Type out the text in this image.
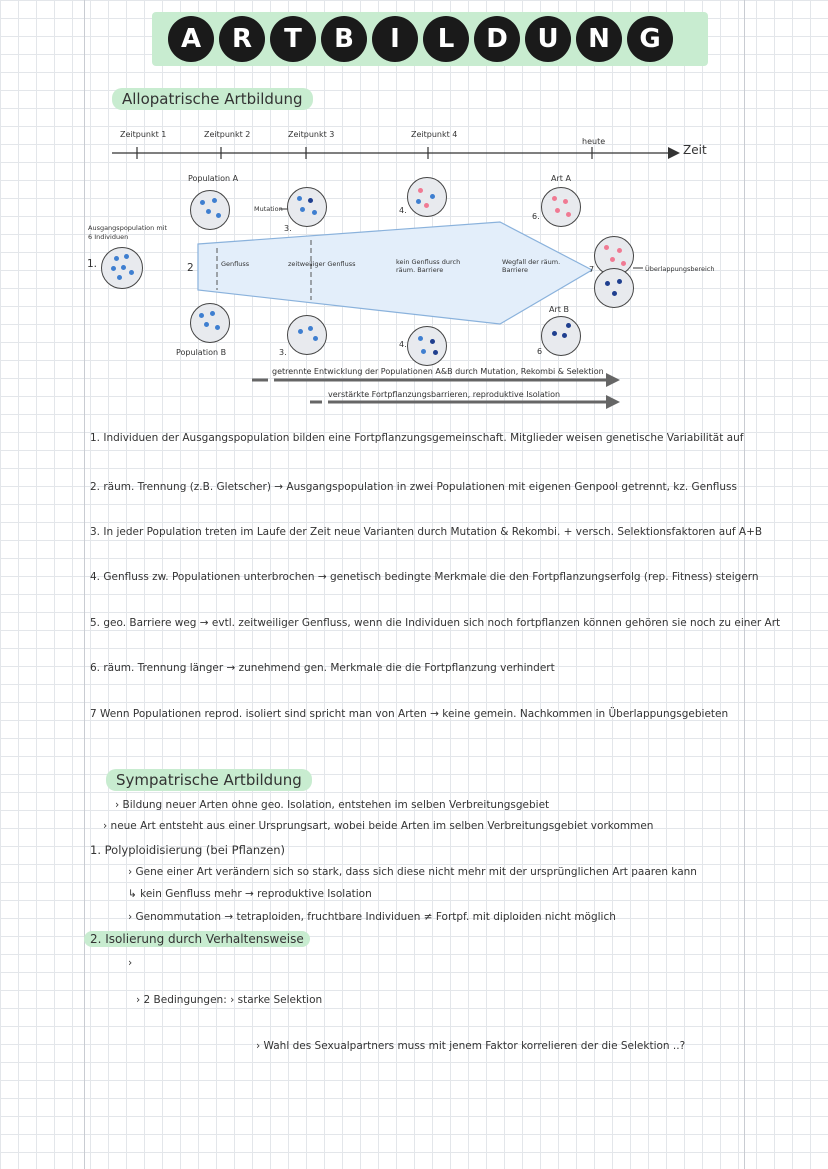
A	R	T	B	I	L	D	U	N	G
Allopatrische Artbildung
Zeitpunkt 1	Zeitpunkt 2	Zeitpunkt 3	Zeitpunkt 4
heute
Zeit
Ausgangspopulation mit 6 Individuen
1.	2
Population A
Population B
Mutation
3.
3.
4.
4.
Art A
Art B
6.
6
7	Überlappungsbereich
Genfluss	zeitweiliger Genfluss	kein Genfluss durch räum. Barriere
Wegfall der räum. Barriere
getrennte Entwicklung der Populationen A&B durch Mutation, Rekombi & Selektion
verstärkte Fortpflanzungsbarrieren, reproduktive Isolation
1. Individuen der Ausgangspopulation bilden eine Fortpflanzungsgemeinschaft. Mitglieder weisen genetische Variabilität auf
2. räum. Trennung (z.B. Gletscher) → Ausgangspopulation in zwei Populationen mit eigenen Genpool getrennt, kz. Genfluss
3. In jeder Population treten im Laufe der Zeit neue Varianten durch Mutation & Rekombi. + versch. Selektionsfaktoren auf A+B
4. Genfluss zw. Populationen unterbrochen → genetisch bedingte Merkmale die den Fortpflanzungserfolg (rep. Fitness) steigern
5. geo. Barriere weg → evtl. zeitweiliger Genfluss, wenn die Individuen sich noch fortpflanzen können gehören sie noch zu einer Art
6. räum. Trennung länger → zunehmend gen. Merkmale die die Fortpflanzung verhindert
7 Wenn Populationen reprod. isoliert sind spricht man von Arten → keine gemein. Nachkommen in Überlappungsgebieten
Sympatrische Artbildung
› Bildung neuer Arten ohne geo. Isolation, entstehen im selben Verbreitungsgebiet
› neue Art entsteht aus einer Ursprungsart, wobei beide Arten im selben Verbreitungsgebiet vorkommen
1. Polyploidisierung (bei Pflanzen)
› Gene einer Art verändern sich so stark, dass sich diese nicht mehr mit der ursprünglichen Art paaren kann
↳ kein Genfluss mehr → reproduktive Isolation
› Genommutation → tetraploiden, fruchtbare Individuen ≠ Fortpf. mit diploiden nicht möglich
2. Isolierung durch Verhaltensweise
›
› 2 Bedingungen: › starke Selektion
› Wahl des Sexualpartners muss mit jenem Faktor korrelieren der die Selektion ..?
